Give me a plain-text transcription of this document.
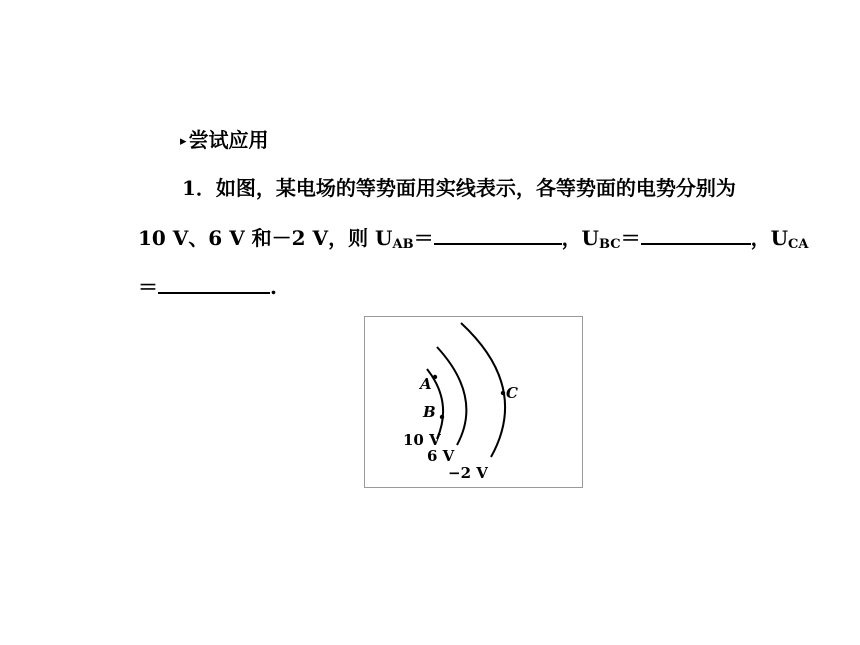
▸ 尝试应用
1．如图，某电场的等势面用实线表示，各等势面的电势分别为
10 V、6 V 和－2 V，则 $U_{AB}=$	，$U_{BC}=$	，$U_{CA}$
＝	.
A
B
C
10 V
6 V
−2 V
